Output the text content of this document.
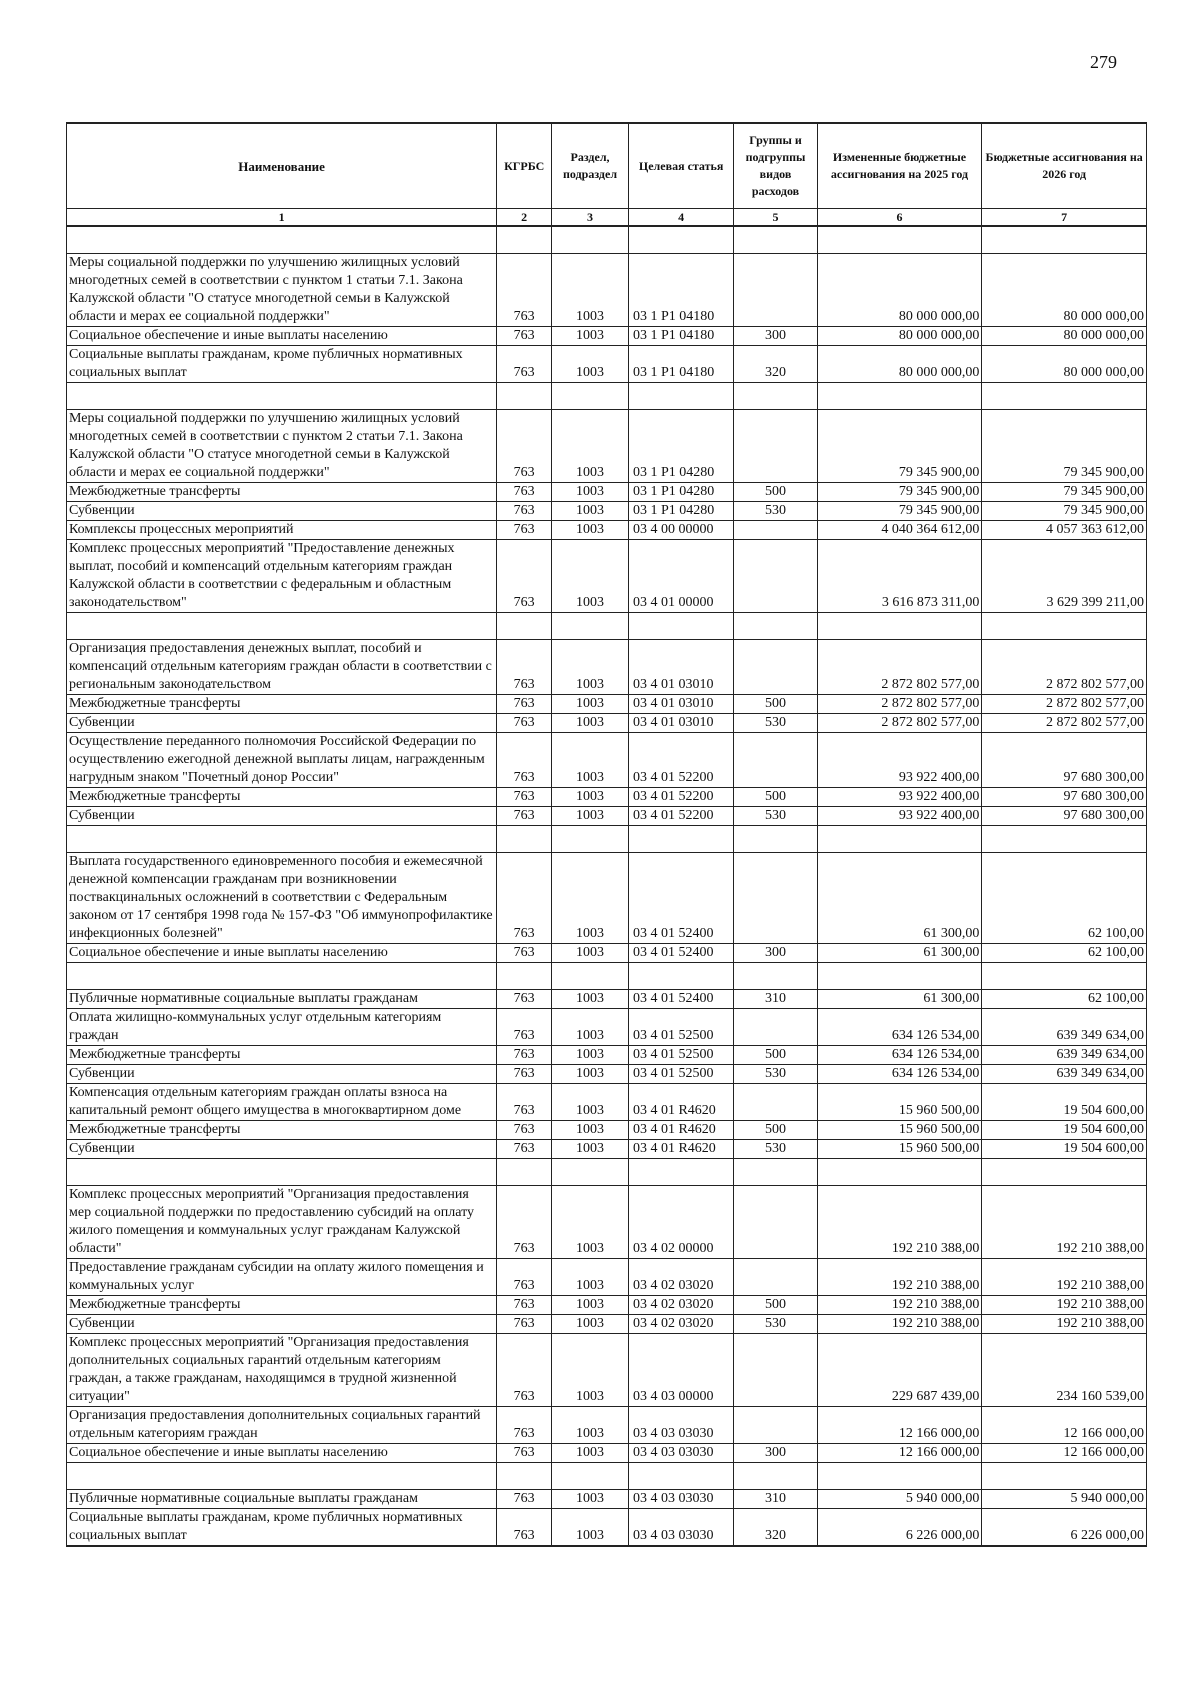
279
Наименование	КГРБС	Раздел, подраздел	Целевая статья	Группы и подгруппы видов расходов	Измененные бюджетные ассигнования на 2025 год	Бюджетные ассигнования на 2026 год
1	2	3	4	5	6	7

Меры социальной поддержки по улучшению жилищных условий многодетных семей в соответствии с пунктом 1 статьи 7.1. Закона Калужской области "О статусе многодетной семьи в Калужской области и мерах ее социальной поддержки"	763	1003	03 1 P1 04180		80 000 000,00	80 000 000,00
Социальное обеспечение и иные выплаты населению	763	1003	03 1 P1 04180	300	80 000 000,00	80 000 000,00
Социальные выплаты гражданам, кроме публичных нормативных социальных выплат	763	1003	03 1 P1 04180	320	80 000 000,00	80 000 000,00

Меры социальной поддержки по улучшению жилищных условий многодетных семей в соответствии с пунктом 2 статьи 7.1. Закона Калужской области "О статусе многодетной семьи в Калужской области и мерах ее социальной поддержки"	763	1003	03 1 P1 04280		79 345 900,00	79 345 900,00
Межбюджетные трансферты	763	1003	03 1 P1 04280	500	79 345 900,00	79 345 900,00
Субвенции	763	1003	03 1 P1 04280	530	79 345 900,00	79 345 900,00
Комплексы процессных мероприятий	763	1003	03 4 00 00000		4 040 364 612,00	4 057 363 612,00
Комплекс процессных мероприятий "Предоставление денежных выплат, пособий и компенсаций отдельным категориям граждан Калужской области в соответствии с федеральным и областным законодательством"	763	1003	03 4 01 00000		3 616 873 311,00	3 629 399 211,00

Организация предоставления денежных выплат, пособий и компенсаций отдельным категориям граждан области в соответствии с региональным законодательством	763	1003	03 4 01 03010		2 872 802 577,00	2 872 802 577,00
Межбюджетные трансферты	763	1003	03 4 01 03010	500	2 872 802 577,00	2 872 802 577,00
Субвенции	763	1003	03 4 01 03010	530	2 872 802 577,00	2 872 802 577,00
Осуществление переданного полномочия Российской Федерации по осуществлению ежегодной денежной выплаты лицам, награжденным нагрудным знаком "Почетный донор России"	763	1003	03 4 01 52200		93 922 400,00	97 680 300,00
Межбюджетные трансферты	763	1003	03 4 01 52200	500	93 922 400,00	97 680 300,00
Субвенции	763	1003	03 4 01 52200	530	93 922 400,00	97 680 300,00

Выплата государственного единовременного пособия и ежемесячной денежной компенсации гражданам при возникновении поствакцинальных осложнений в соответствии с Федеральным законом от 17 сентября 1998 года № 157-ФЗ "Об иммунопрофилактике инфекционных болезней"	763	1003	03 4 01 52400		61 300,00	62 100,00
Социальное обеспечение и иные выплаты населению	763	1003	03 4 01 52400	300	61 300,00	62 100,00

Публичные нормативные социальные выплаты гражданам	763	1003	03 4 01 52400	310	61 300,00	62 100,00
Оплата жилищно-коммунальных услуг отдельным категориям граждан	763	1003	03 4 01 52500		634 126 534,00	639 349 634,00
Межбюджетные трансферты	763	1003	03 4 01 52500	500	634 126 534,00	639 349 634,00
Субвенции	763	1003	03 4 01 52500	530	634 126 534,00	639 349 634,00
Компенсация отдельным категориям граждан оплаты взноса на капитальный ремонт общего имущества в многоквартирном доме	763	1003	03 4 01 R4620		15 960 500,00	19 504 600,00
Межбюджетные трансферты	763	1003	03 4 01 R4620	500	15 960 500,00	19 504 600,00
Субвенции	763	1003	03 4 01 R4620	530	15 960 500,00	19 504 600,00

Комплекс процессных мероприятий "Организация предоставления мер социальной поддержки по предоставлению субсидий на оплату жилого помещения и коммунальных услуг гражданам Калужской области"	763	1003	03 4 02 00000		192 210 388,00	192 210 388,00
Предоставление гражданам субсидии на оплату жилого помещения и коммунальных услуг	763	1003	03 4 02 03020		192 210 388,00	192 210 388,00
Межбюджетные трансферты	763	1003	03 4 02 03020	500	192 210 388,00	192 210 388,00
Субвенции	763	1003	03 4 02 03020	530	192 210 388,00	192 210 388,00
Комплекс процессных мероприятий "Организация предоставления дополнительных социальных гарантий отдельным категориям граждан, а также гражданам, находящимся в трудной жизненной ситуации"	763	1003	03 4 03 00000		229 687 439,00	234 160 539,00
Организация предоставления дополнительных социальных гарантий отдельным категориям граждан	763	1003	03 4 03 03030		12 166 000,00	12 166 000,00
Социальное обеспечение и иные выплаты населению	763	1003	03 4 03 03030	300	12 166 000,00	12 166 000,00

Публичные нормативные социальные выплаты гражданам	763	1003	03 4 03 03030	310	5 940 000,00	5 940 000,00
Социальные выплаты гражданам, кроме публичных нормативных социальных выплат	763	1003	03 4 03 03030	320	6 226 000,00	6 226 000,00
